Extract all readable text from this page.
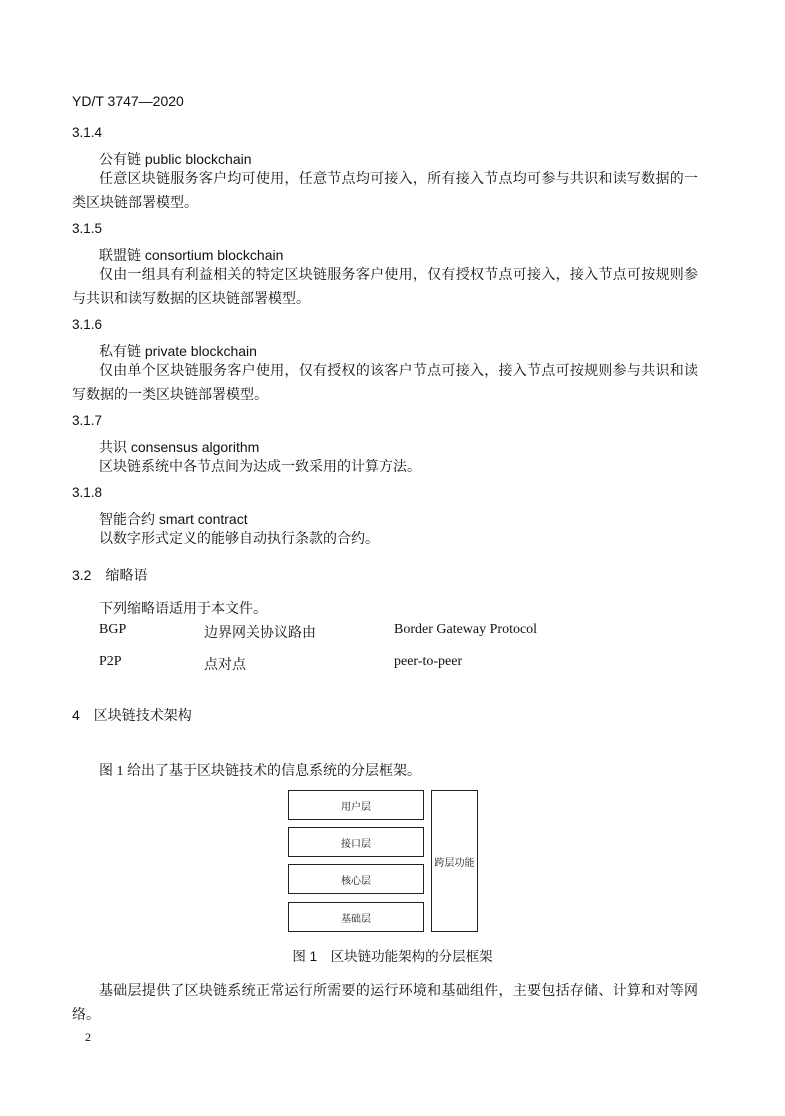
YD/T 3747—2020
3.1.4
公有链 public blockchain
任意区块链服务客户均可使用，任意节点均可接入，所有接入节点均可参与共识和读写数据的一类区块链部署模型。
3.1.5
联盟链 consortium blockchain
仅由一组具有利益相关的特定区块链服务客户使用，仅有授权节点可接入，接入节点可按规则参与共识和读写数据的区块链部署模型。
3.1.6
私有链 private blockchain
仅由单个区块链服务客户使用，仅有授权的该客户节点可接入，接入节点可按规则参与共识和读写数据的一类区块链部署模型。
3.1.7
共识 consensus algorithm
区块链系统中各节点间为达成一致采用的计算方法。
3.1.8
智能合约 smart contract
以数字形式定义的能够自动执行条款的合约。
3.2　缩略语
下列缩略语适用于本文件。
BGP	边界网关协议路由	Border Gateway Protocol
P2P	点对点	peer-to-peer
4　区块链技术架构
图 1 给出了基于区块链技术的信息系统的分层框架。
用户层
接口层
核心层
基础层
跨层功能
图 1　区块链功能架构的分层框架
基础层提供了区块链系统正常运行所需要的运行环境和基础组件，主要包括存储、计算和对等网络。
2
